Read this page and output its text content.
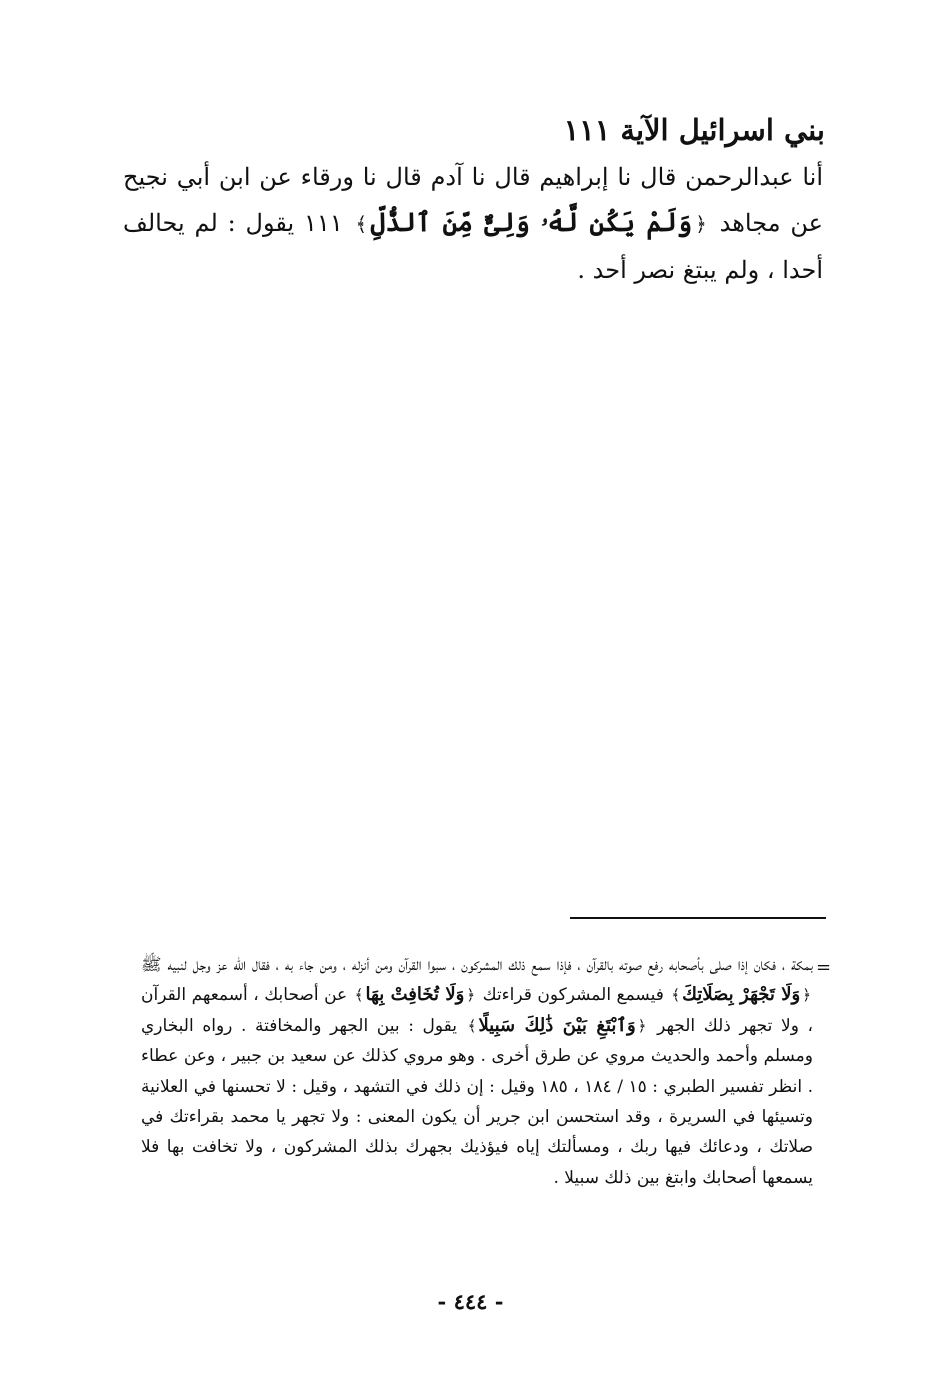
بني اسرائيل الآية ١١١

أنا عبدالرحمن قال نا إبراهيم قال نا آدم قال نا ورقاء عن ابن أبي نجيح عن مجاهد ﴿وَلَمْ يَكُن لَّهُۥ وَلِىٌّ مِّنَ ٱلذُّلِّ﴾ ١١١ يقول : لم يحالف أحدا ، ولم يبتغ نصر أحد .

=

بمكة ، فكان إذا صلى بأصحابه رفع صوته بالقرآن ، فإذا سمع ذلك المشركون ، سبوا القرآن ومن أنزله ، ومن جاء به ، فقال الله عز وجل لنبيه ﷺ ﴿وَلَا تَجْهَرْ بِصَلَاتِكَ﴾ فيسمع المشركون قراءتك ﴿وَلَا تُخَافِتْ بِهَا﴾ عن أصحابك ، أسمعهم القرآن ، ولا تجهر ذلك الجهر ﴿وَٱبْتَغِ بَيْنَ ذَٰلِكَ سَبِيلًا﴾ يقول : بين الجهر والمخافتة . رواه البخاري ومسلم وأحمد والحديث مروي عن طرق أخرى . وهو مروي كذلك عن سعيد بن جبير ، وعن عطاء . انظر تفسير الطبري : ١٥ / ١٨٤ ، ١٨٥ وقيل : إن ذلك في التشهد ، وقيل : لا تحسنها في العلانية وتسيئها في السريرة ، وقد استحسن ابن جرير أن يكون المعنى : ولا تجهر يا محمد بقراءتك في صلاتك ، ودعائك فيها ربك ، ومسألتك إياه فيؤذيك بجهرك بذلك المشركون ، ولا تخافت بها فلا يسمعها أصحابك وابتغ بين ذلك سبيلا .

- ٤٤٤ -
